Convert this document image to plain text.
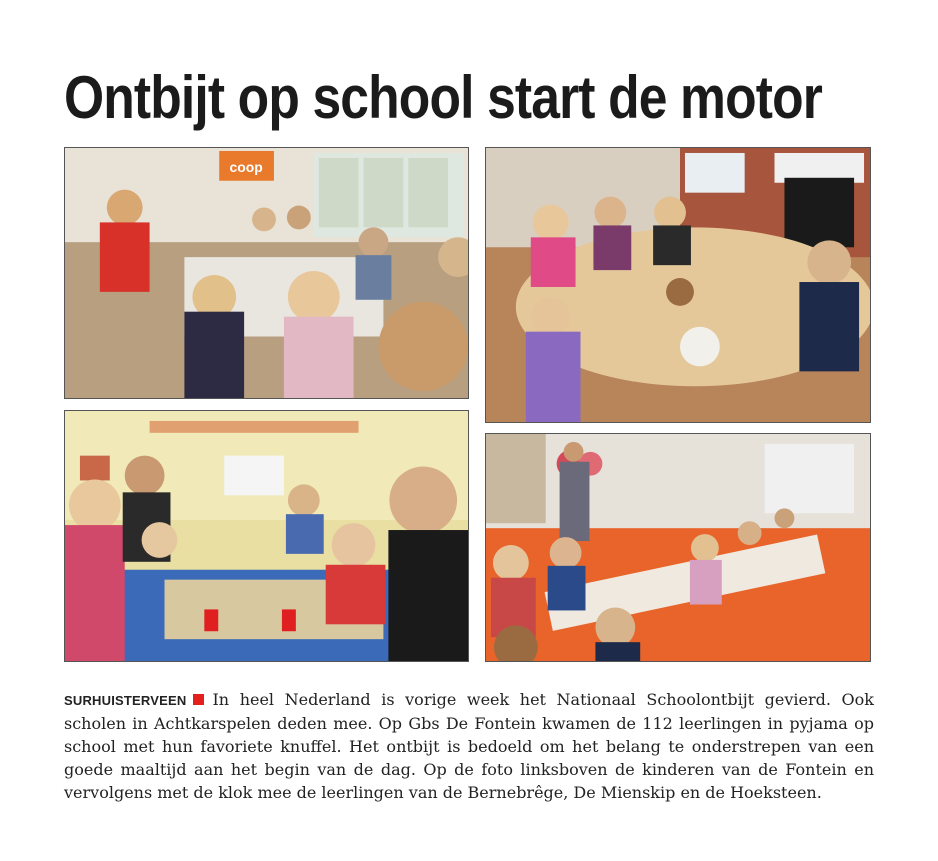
Ontbijt op school start de motor
coop
SURHUISTERVEEN In heel Nederland is vorige week het Nationaal Schoolontbijt gevierd. Ook scholen in Achtkarspelen deden mee. Op Gbs De Fontein kwamen de 112 leerlingen in pyjama op school met hun favoriete knuffel. Het ontbijt is bedoeld om het belang te onderstrepen van een goede maaltijd aan het begin van de dag. Op de foto linksboven de kinderen van de Fontein en vervolgens met de klok mee de leerlingen van de Bernebrêge, De Mienskip en de Hoeksteen.
